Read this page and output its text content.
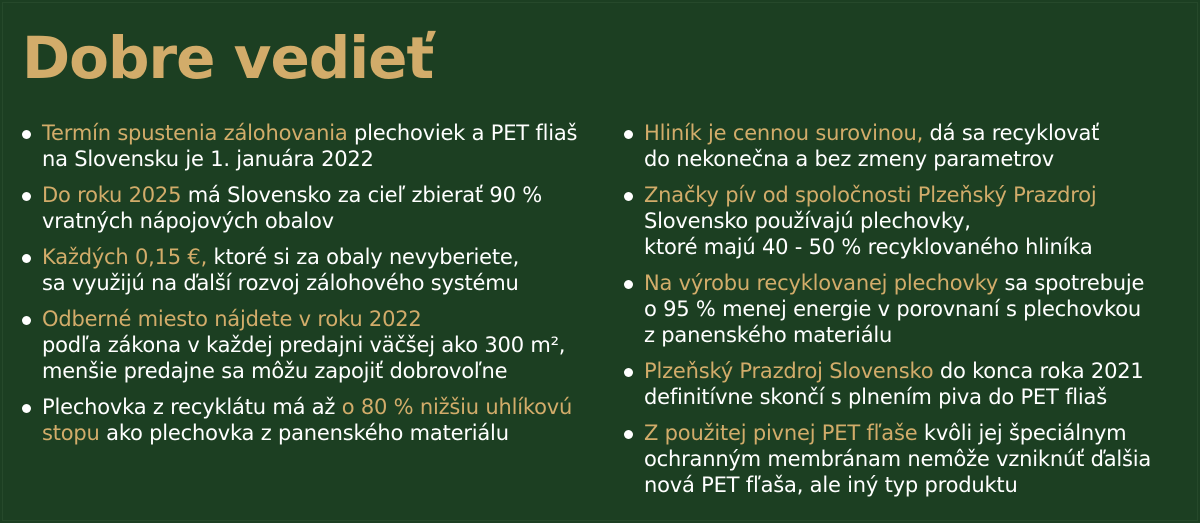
Dobre vedieť
Termín spustenia zálohovania plechoviek a PET fliaš
na Slovensku je 1. januára 2022
Do roku 2025 má Slovensko za cieľ zbierať 90 %
vratných nápojových obalov
Každých 0,15 €, ktoré si za obaly nevyberiete,
sa využijú na ďalší rozvoj zálohového systému
Odberné miesto nájdete v roku 2022
podľa zákona v každej predajni väčšej ako 300 m²,
menšie predajne sa môžu zapojiť dobrovoľne
Plechovka z recyklátu má až o 80 % nižšiu uhlíkovú
stopu ako plechovka z panenského materiálu
Hliník je cennou surovinou, dá sa recyklovať
do nekonečna a bez zmeny parametrov
Značky pív od spoločnosti Plzeňský Prazdroj
Slovensko používajú plechovky,
ktoré majú 40 - 50 % recyklovaného hliníka
Na výrobu recyklovanej plechovky sa spotrebuje
o 95 % menej energie v porovnaní s plechovkou
z panenského materiálu
Plzeňský Prazdroj Slovensko do konca roka 2021
definitívne skončí s plnením piva do PET fliaš
Z použitej pivnej PET fľaše kvôli jej špeciálnym
ochranným membránam nemôže vzniknúť ďalšia
nová PET fľaša, ale iný typ produktu
